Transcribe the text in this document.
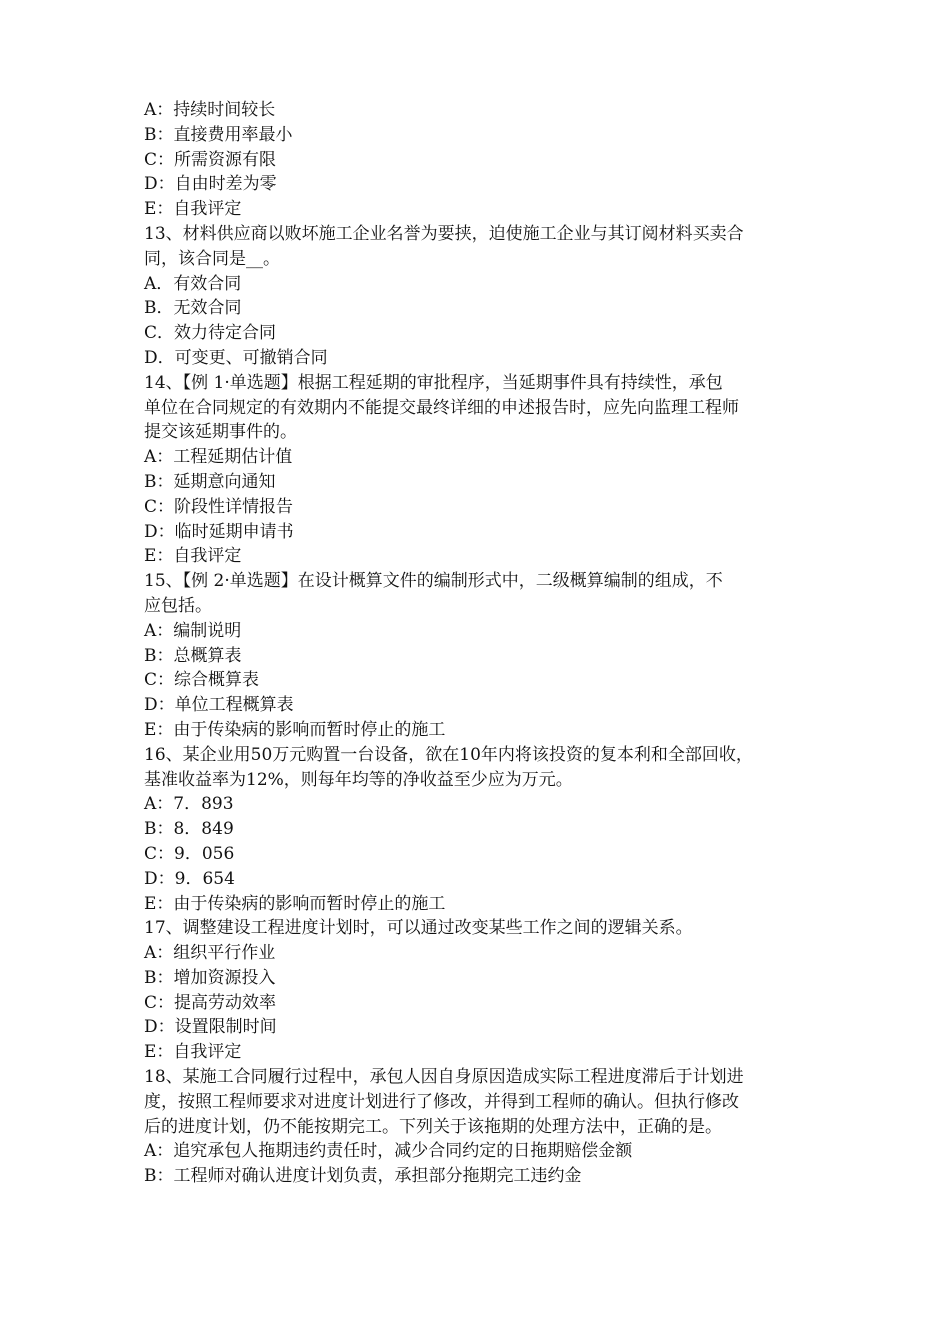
A：持续时间较长
B：直接费用率最小
C：所需资源有限
D：自由时差为零
E：自我评定
13、材料供应商以败坏施工企业名誉为要挟，迫使施工企业与其订阅材料买卖合
同，该合同是__。
A．有效合同
B．无效合同
C．效力待定合同
D．可变更、可撤销合同
14、【例 1·单选题】根据工程延期的审批程序，当延期事件具有持续性，承包
单位在合同规定的有效期内不能提交最终详细的申述报告时，应先向监理工程师
提交该延期事件的。
A：工程延期估计值
B：延期意向通知
C：阶段性详情报告
D：临时延期申请书
E：自我评定
15、【例 2·单选题】在设计概算文件的编制形式中，二级概算编制的组成，不
应包括。
A：编制说明
B：总概算表
C：综合概算表
D：单位工程概算表
E：由于传染病的影响而暂时停止的施工
16、某企业用50万元购置一台设备，欲在10年内将该投资的复本利和全部回收，
基准收益率为12%，则每年均等的净收益至少应为万元。
A：7．893
B：8．849
C：9．056
D：9．654
E：由于传染病的影响而暂时停止的施工
17、调整建设工程进度计划时，可以通过改变某些工作之间的逻辑关系。
A：组织平行作业
B：增加资源投入
C：提高劳动效率
D：设置限制时间
E：自我评定
18、某施工合同履行过程中，承包人因自身原因造成实际工程进度滞后于计划进
度，按照工程师要求对进度计划进行了修改，并得到工程师的确认。但执行修改
后的进度计划，仍不能按期完工。下列关于该拖期的处理方法中，正确的是。
A：追究承包人拖期违约责任时，减少合同约定的日拖期赔偿金额
B：工程师对确认进度计划负责，承担部分拖期完工违约金
